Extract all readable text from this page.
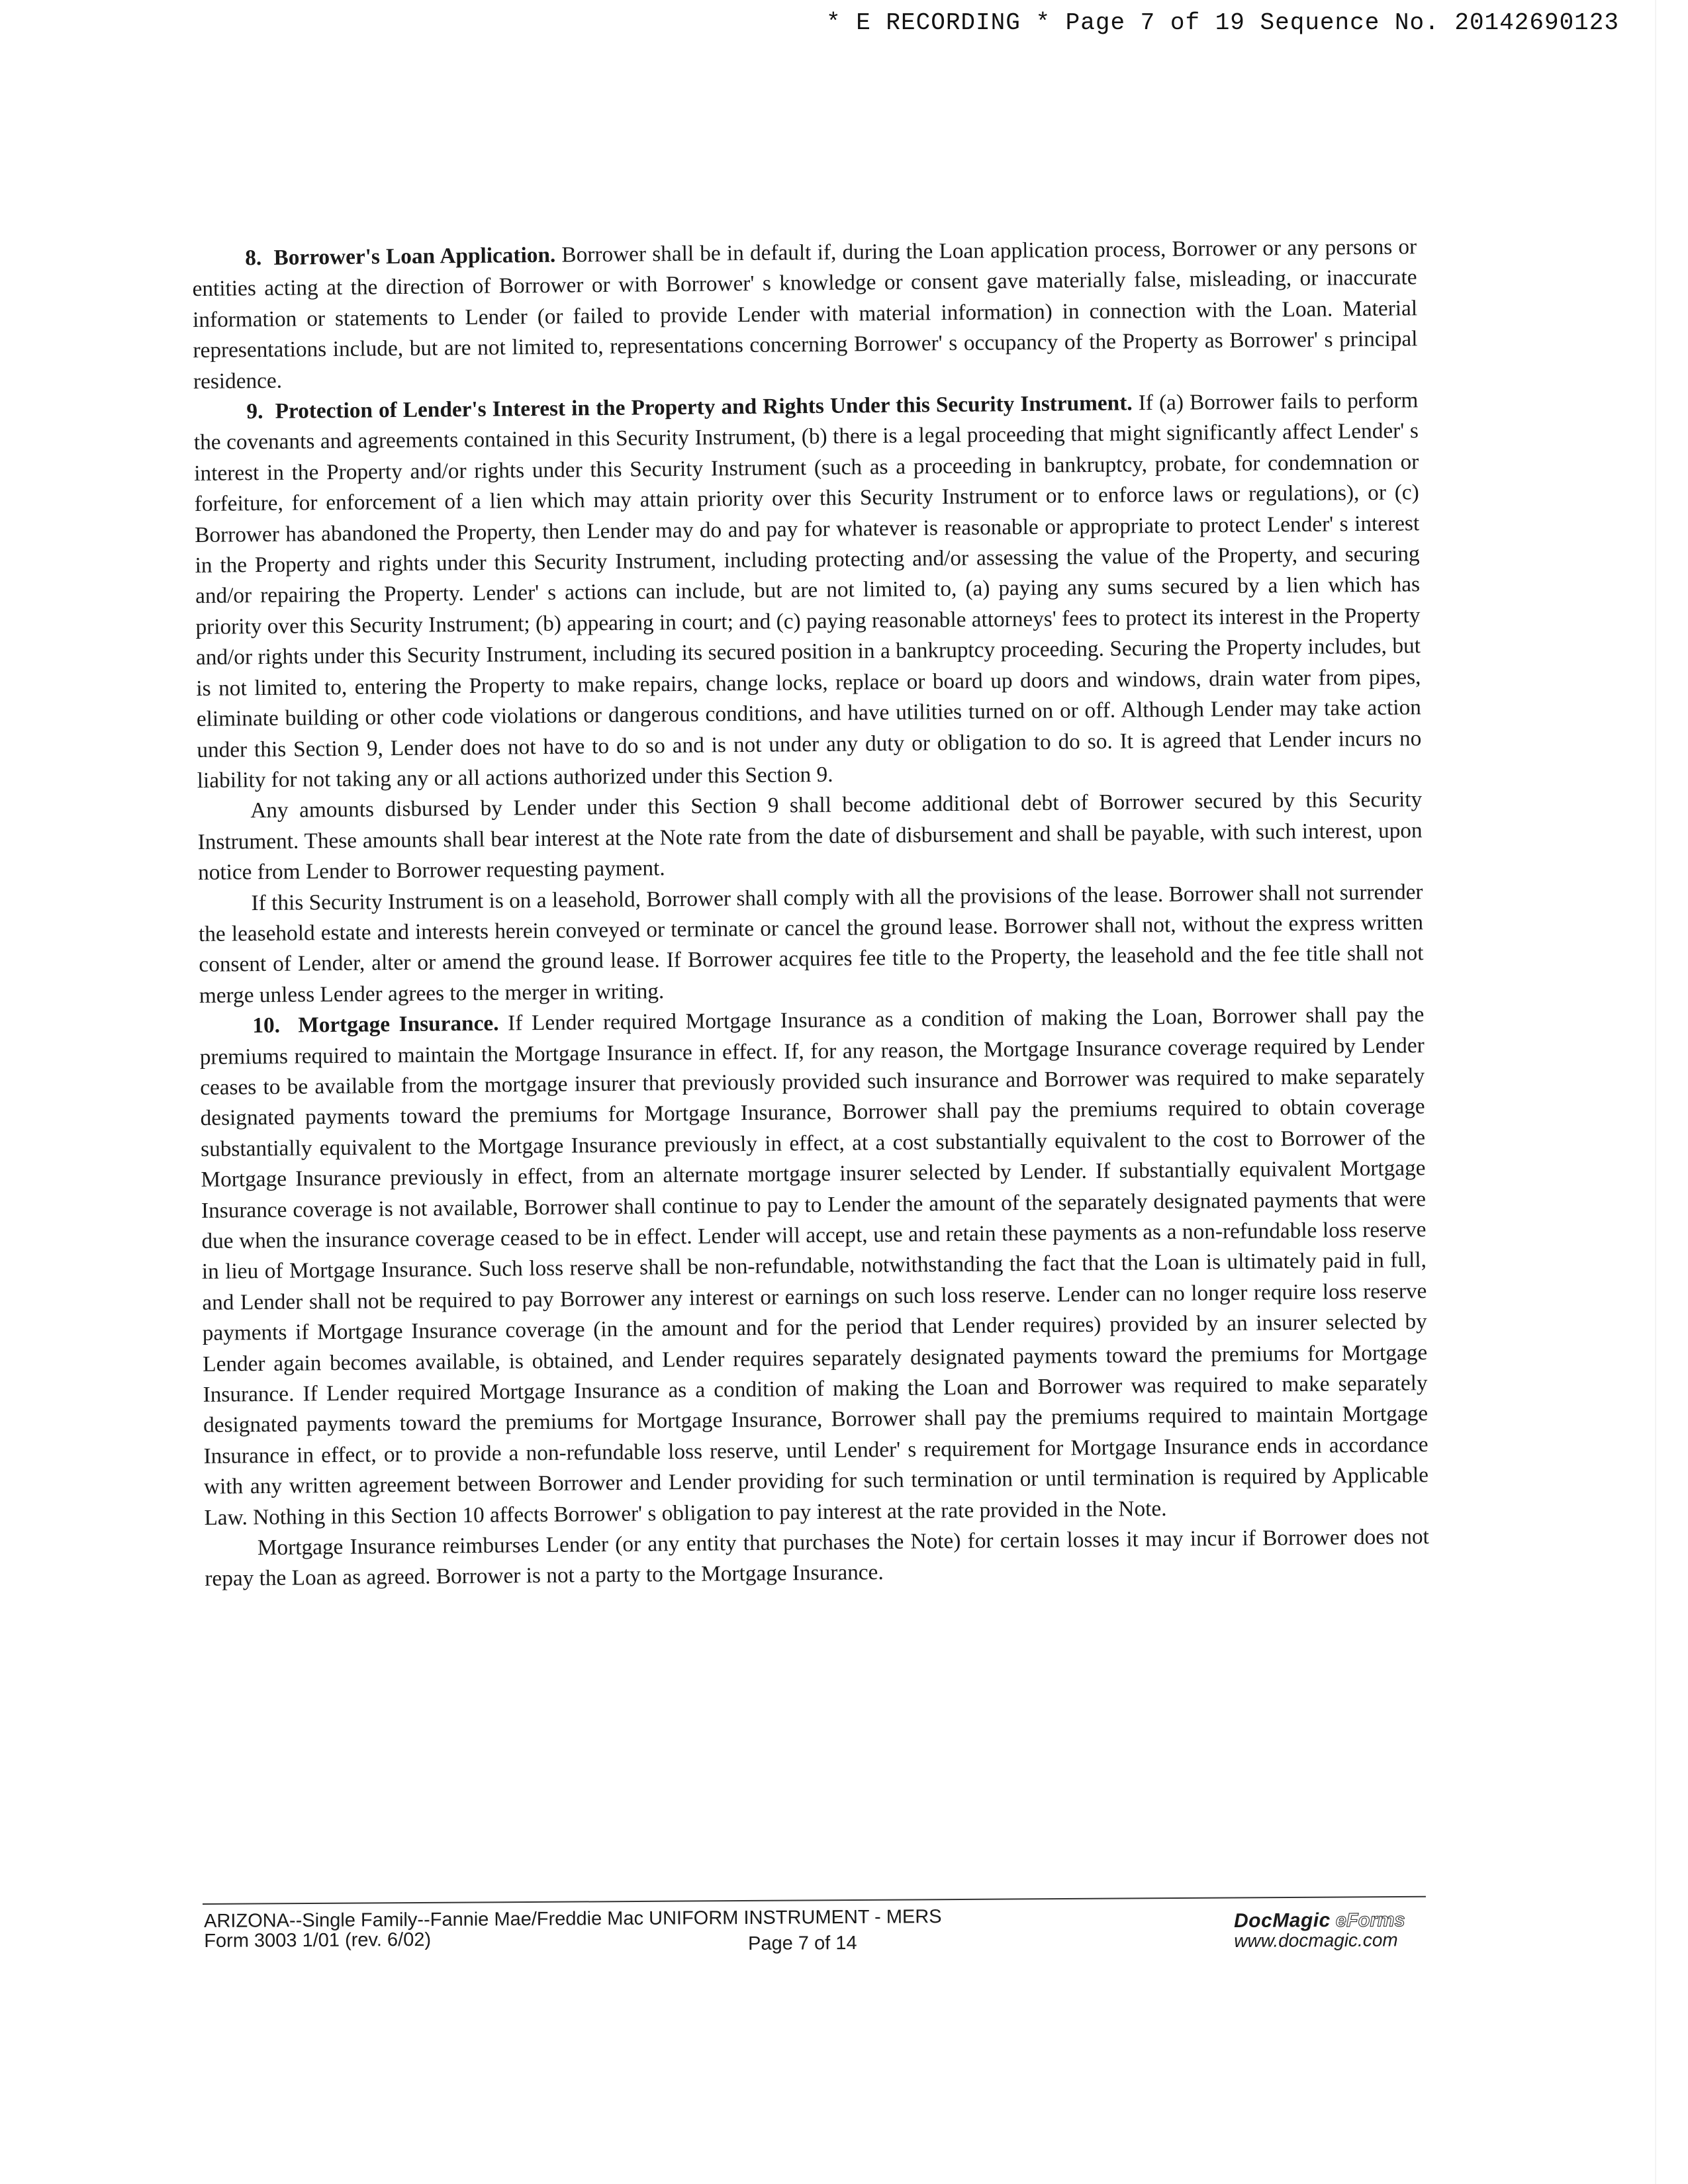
* E RECORDING * Page 7 of 19 Sequence No. 20142690123

8. Borrower's Loan Application. Borrower shall be in default if, during the Loan application process, Borrower or any persons or entities acting at the direction of Borrower or with Borrower' s knowledge or consent gave materially false, misleading, or inaccurate information or statements to Lender (or failed to provide Lender with material information) in connection with the Loan. Material representations include, but are not limited to, representations concerning Borrower' s occupancy of the Property as Borrower' s principal residence.

9. Protection of Lender's Interest in the Property and Rights Under this Security Instrument. If (a) Borrower fails to perform the covenants and agreements contained in this Security Instrument, (b) there is a legal proceeding that might significantly affect Lender' s interest in the Property and/or rights under this Security Instrument (such as a proceeding in bankruptcy, probate, for condemnation or forfeiture, for enforcement of a lien which may attain priority over this Security Instrument or to enforce laws or regulations), or (c) Borrower has abandoned the Property, then Lender may do and pay for whatever is reasonable or appropriate to protect Lender' s interest in the Property and rights under this Security Instrument, including protecting and/or assessing the value of the Property, and securing and/or repairing the Property. Lender' s actions can include, but are not limited to, (a) paying any sums secured by a lien which has priority over this Security Instrument; (b) appearing in court; and (c) paying reasonable attorneys' fees to protect its interest in the Property and/or rights under this Security Instrument, including its secured position in a bankruptcy proceeding. Securing the Property includes, but is not limited to, entering the Property to make repairs, change locks, replace or board up doors and windows, drain water from pipes, eliminate building or other code violations or dangerous conditions, and have utilities turned on or off. Although Lender may take action under this Section 9, Lender does not have to do so and is not under any duty or obligation to do so. It is agreed that Lender incurs no liability for not taking any or all actions authorized under this Section 9.

Any amounts disbursed by Lender under this Section 9 shall become additional debt of Borrower secured by this Security Instrument. These amounts shall bear interest at the Note rate from the date of disbursement and shall be payable, with such interest, upon notice from Lender to Borrower requesting payment.

If this Security Instrument is on a leasehold, Borrower shall comply with all the provisions of the lease. Borrower shall not surrender the leasehold estate and interests herein conveyed or terminate or cancel the ground lease. Borrower shall not, without the express written consent of Lender, alter or amend the ground lease. If Borrower acquires fee title to the Property, the leasehold and the fee title shall not merge unless Lender agrees to the merger in writing.

10. Mortgage Insurance. If Lender required Mortgage Insurance as a condition of making the Loan, Borrower shall pay the premiums required to maintain the Mortgage Insurance in effect. If, for any reason, the Mortgage Insurance coverage required by Lender ceases to be available from the mortgage insurer that previously provided such insurance and Borrower was required to make separately designated payments toward the premiums for Mortgage Insurance, Borrower shall pay the premiums required to obtain coverage substantially equivalent to the Mortgage Insurance previously in effect, at a cost substantially equivalent to the cost to Borrower of the Mortgage Insurance previously in effect, from an alternate mortgage insurer selected by Lender. If substantially equivalent Mortgage Insurance coverage is not available, Borrower shall continue to pay to Lender the amount of the separately designated payments that were due when the insurance coverage ceased to be in effect. Lender will accept, use and retain these payments as a non-refundable loss reserve in lieu of Mortgage Insurance. Such loss reserve shall be non-refundable, notwithstanding the fact that the Loan is ultimately paid in full, and Lender shall not be required to pay Borrower any interest or earnings on such loss reserve. Lender can no longer require loss reserve payments if Mortgage Insurance coverage (in the amount and for the period that Lender requires) provided by an insurer selected by Lender again becomes available, is obtained, and Lender requires separately designated payments toward the premiums for Mortgage Insurance. If Lender required Mortgage Insurance as a condition of making the Loan and Borrower was required to make separately designated payments toward the premiums for Mortgage Insurance, Borrower shall pay the premiums required to maintain Mortgage Insurance in effect, or to provide a non-refundable loss reserve, until Lender' s requirement for Mortgage Insurance ends in accordance with any written agreement between Borrower and Lender providing for such termination or until termination is required by Applicable Law. Nothing in this Section 10 affects Borrower' s obligation to pay interest at the rate provided in the Note.

Mortgage Insurance reimburses Lender (or any entity that purchases the Note) for certain losses it may incur if Borrower does not repay the Loan as agreed. Borrower is not a party to the Mortgage Insurance.

ARIZONA--Single Family--Fannie Mae/Freddie Mac UNIFORM INSTRUMENT - MERS
Form 3003 1/01 (rev. 6/02)	Page 7 of 14
DocMagic eForms
www.docmagic.com
